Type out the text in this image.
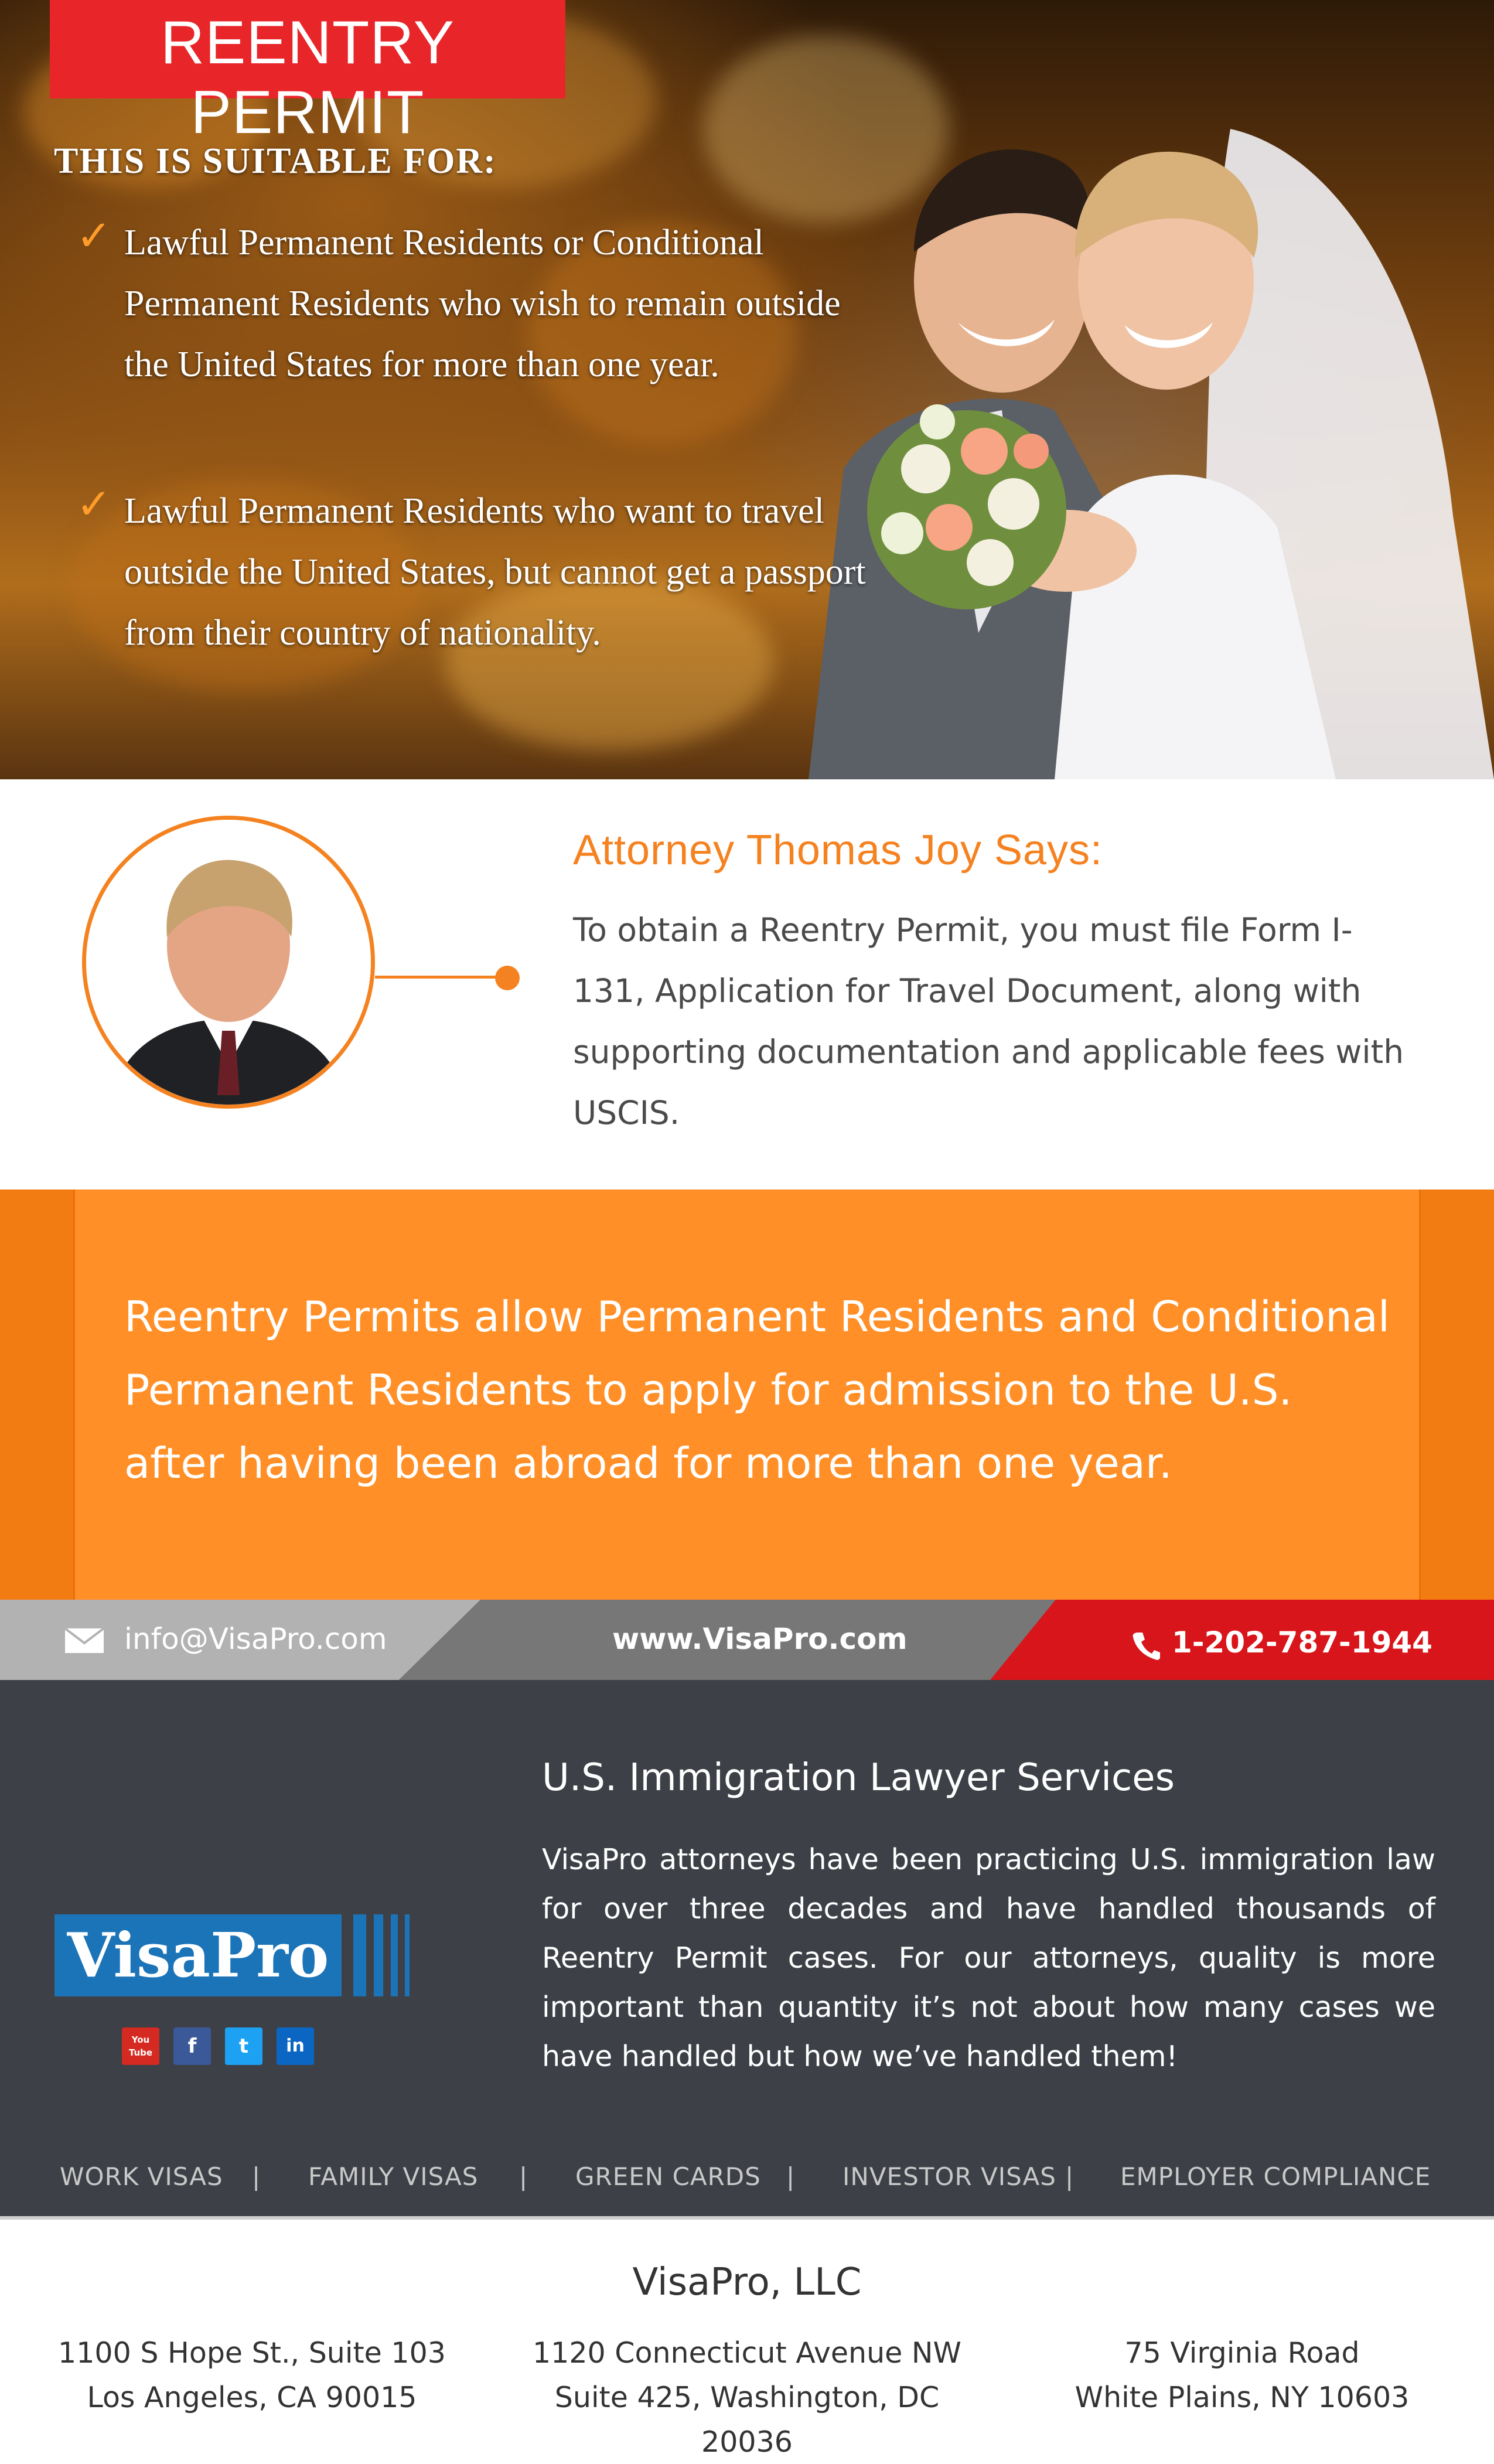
REENTRY PERMIT
THIS IS SUITABLE FOR:
✓ Lawful Permanent Residents or Conditional Permanent Residents who wish to remain outside the United States for more than one year.
✓ Lawful Permanent Residents who want to travel outside the United States, but cannot get a passport from their country of nationality.
Attorney Thomas Joy Says:
To obtain a Reentry Permit, you must file Form I-131, Application for Travel Document, along with supporting documentation and applicable fees with USCIS.
Reentry Permits allow Permanent Residents and Conditional Permanent Residents to apply for admission to the U.S. after having been abroad for more than one year.
info@VisaPro.com	www.VisaPro.com	1-202-787-1944
U.S. Immigration Lawyer Services
VisaPro attorneys have been practicing U.S. immigration law for over three decades and have handled thousands of Reentry Permit cases. For our attorneys, quality is more important than quantity it’s not about how many cases we have handled but how we’ve handled them!
VisaPro
You Tube	f	t	in
WORK VISAS | FAMILY VISAS | GREEN CARDS | INVESTOR VISAS | EMPLOYER COMPLIANCE
VisaPro, LLC
1100 S Hope St., Suite 103
Los Angeles, CA 90015
1120 Connecticut Avenue NW
Suite 425, Washington, DC 20036
75 Virginia Road
White Plains, NY 10603
